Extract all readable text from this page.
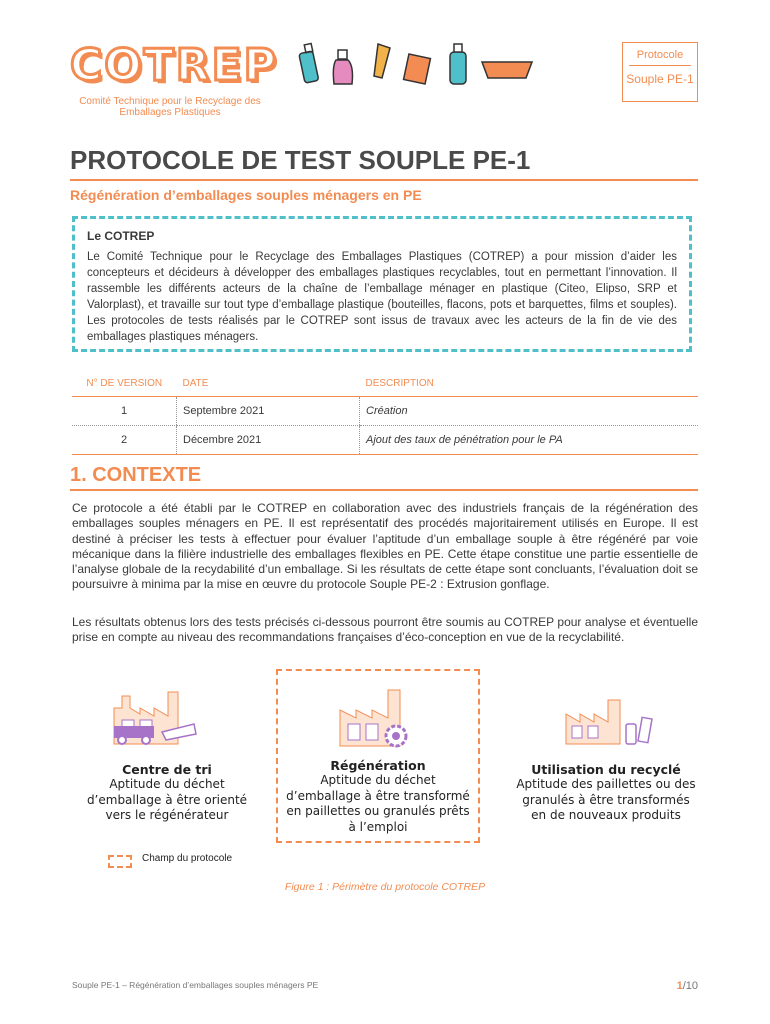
COTREP
Comité Technique pour le Recyclage des Emballages Plastiques
Protocole
Souple PE-1
PROTOCOLE DE TEST SOUPLE PE-1
Régénération d’emballages souples ménagers en PE
Le COTREP
Le Comité Technique pour le Recyclage des Emballages Plastiques (COTREP) a pour mission d’aider les concepteurs et décideurs à développer des emballages plastiques recyclables, tout en permettant l’innovation. Il rassemble les différents acteurs de la chaîne de l’emballage ménager en plastique (Citeo, Elipso, SRP et Valorplast), et travaille sur tout type d’emballage plastique (bouteilles, flacons, pots et barquettes, films et souples). Les protocoles de tests réalisés par le COTREP sont issus de travaux avec les acteurs de la fin de vie des emballages plastiques ménagers.
N° DE VERSION	DATE	DESCRIPTION
1	Septembre 2021	Création
2	Décembre 2021	Ajout des taux de pénétration pour le PA
1. CONTEXTE
Ce protocole a été établi par le COTREP en collaboration avec des industriels français de la régénération des emballages souples ménagers en PE. Il est représentatif des procédés majoritairement utilisés en Europe. Il est destiné à préciser les tests à effectuer pour évaluer l’aptitude d’un emballage souple à être régénéré par voie mécanique dans la filière industrielle des emballages flexibles en PE. Cette étape constitue une partie essentielle de l’analyse globale de la recydabilité d’un emballage. Si les résultats de cette étape sont concluants, l’évaluation doit se poursuivre à minima par la mise en œuvre du protocole Souple PE-2 : Extrusion gonflage.
Les résultats obtenus lors des tests précisés ci-dessous pourront être soumis au COTREP pour analyse et éventuelle prise en compte au niveau des recommandations françaises d’éco-conception en vue de la recyclabilité.
Centre de tri
Aptitude du déchet
d’emballage à être orienté
vers le régénérateur
Régénération
Aptitude du déchet
d’emballage à être transformé
en paillettes ou granulés prêts
à l’emploi
Utilisation du recyclé
Aptitude des paillettes ou des
granulés à être transformés
en de nouveaux produits
Champ du protocole
Figure 1 : Périmètre du protocole COTREP
Souple PE-1 – Régénération d’emballages souples ménagers PE	1/10
